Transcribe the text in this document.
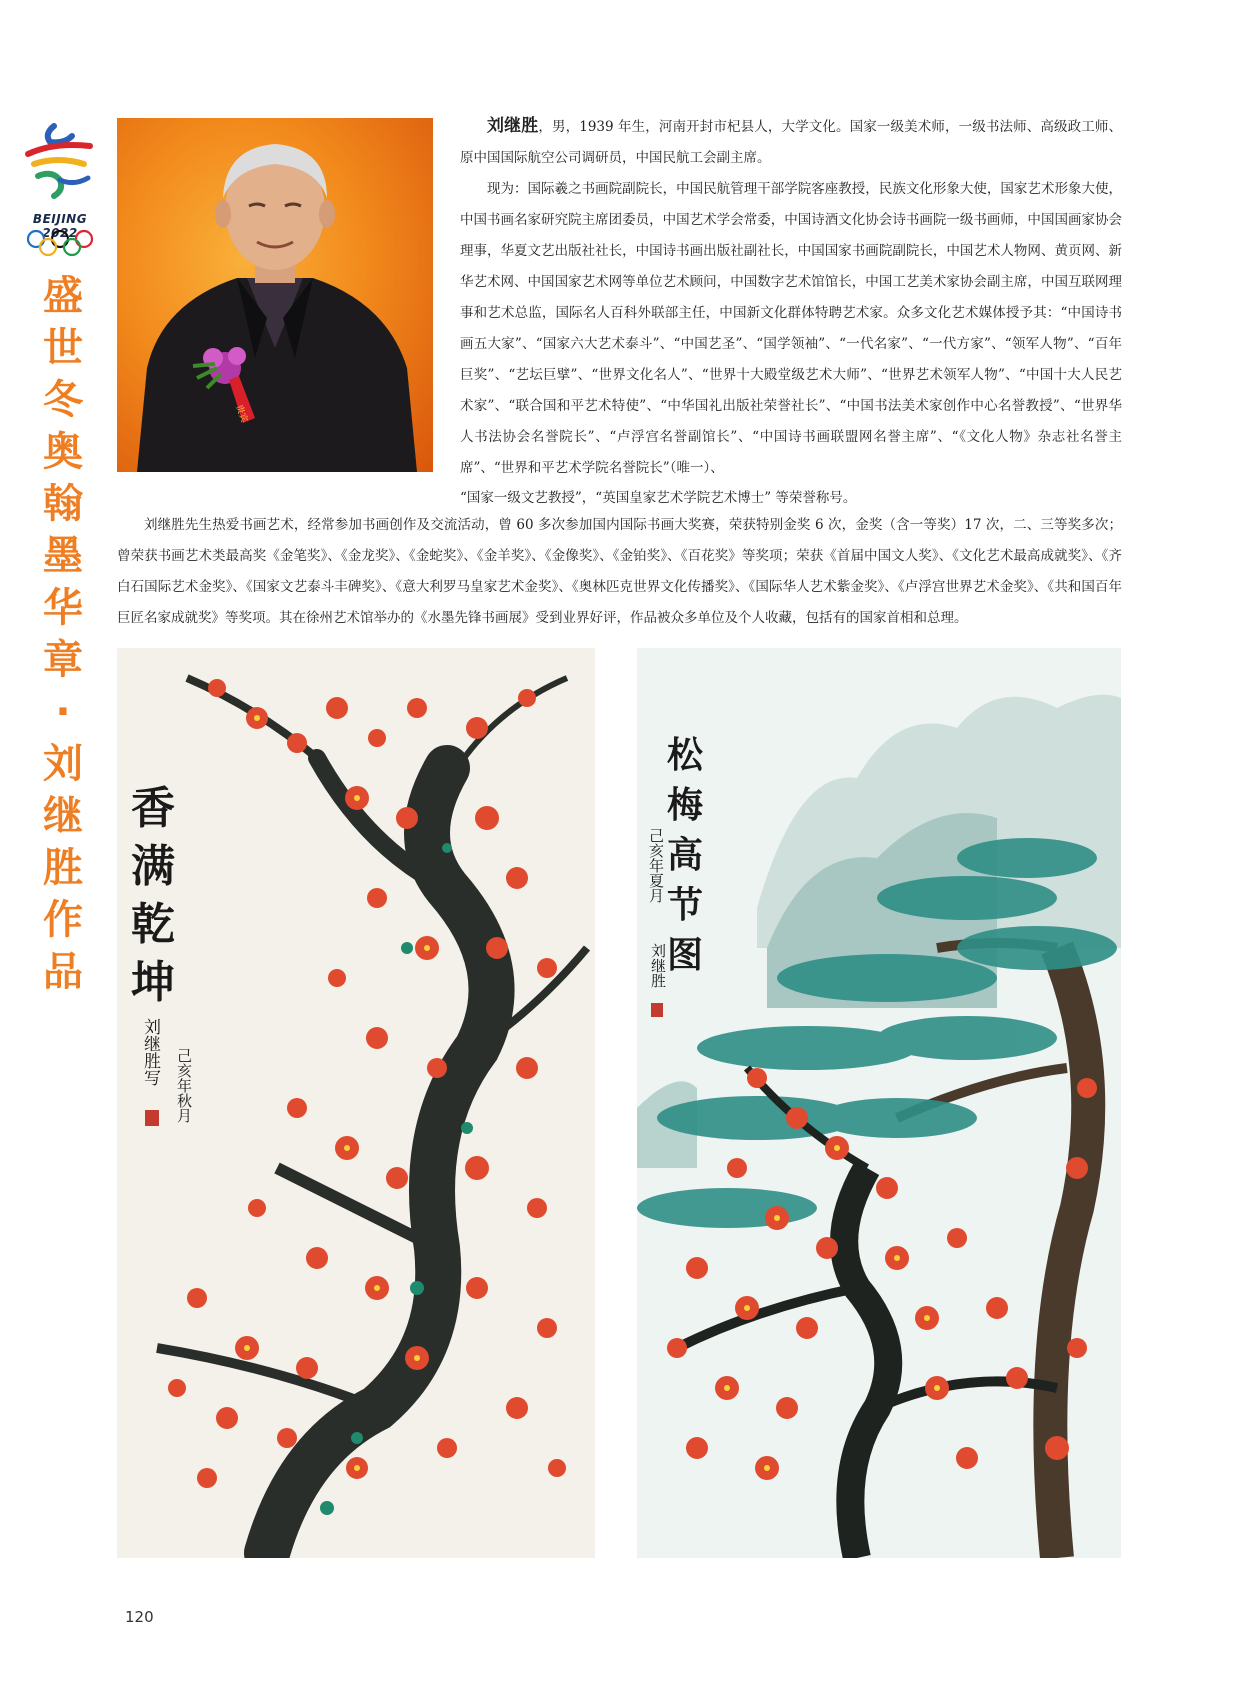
BEIJING 2022
盛
世
冬
奥
翰
墨
华
章
·
刘
继
胜
作
品
贵宾

刘继胜，男，1939 年生，河南开封市杞县人，大学文化。国家一级美术师，一级书法师、高级政工师、原中国国际航空公司调研员，中国民航工会副主席。

现为：国际羲之书画院副院长，中国民航管理干部学院客座教授，民族文化形象大使，国家艺术形象大使，中国书画名家研究院主席团委员，中国艺术学会常委，中国诗酒文化协会诗书画院一级书画师，中国国画家协会理事，华夏文艺出版社社长，中国诗书画出版社副社长，中国国家书画院副院长，中国艺术人物网、黄页网、新华艺术网、中国国家艺术网等单位艺术顾问，中国数字艺术馆馆长，中国工艺美术家协会副主席，中国互联网理事和艺术总监，国际名人百科外联部主任，中国新文化群体特聘艺术家。众多文化艺术媒体授予其：“中国诗书画五大家”、“国家六大艺术泰斗”、“中国艺圣”、“国学领袖”、“一代名家”、“一代方家”、“领军人物”、“百年巨奖”、“艺坛巨擘”、“世界文化名人”、“世界十大殿堂级艺术大师”、“世界艺术领军人物”、“中国十大人民艺术家”、“联合国和平艺术特使”、“中华国礼出版社荣誉社长”、“中国书法美术家创作中心名誉教授”、“世界华人书法协会名誉院长”、“卢浮宫名誉副馆长”、“中国诗书画联盟网名誉主席”、“《文化人物》杂志社名誉主席”、“世界和平艺术学院名誉院长”（唯一）、

“国家一级文艺教授”，“英国皇家艺术学院艺术博士” 等荣誉称号。

刘继胜先生热爱书画艺术，经常参加书画创作及交流活动，曾 60 多次参加国内国际书画大奖赛，荣获特别金奖 6 次，金奖（含一等奖）17 次，二、三等奖多次；曾荣获书画艺术类最高奖《金笔奖》、《金龙奖》、《金蛇奖》、《金羊奖》、《金像奖》、《金铂奖》、《百花奖》等奖项；荣获《首届中国文人奖》、《文化艺术最高成就奖》、《齐白石国际艺术金奖》、《国家文艺泰斗丰碑奖》、《意大利罗马皇家艺术金奖》、《奥林匹克世界文化传播奖》、《国际华人艺术紫金奖》、《卢浮宫世界艺术金奖》、《共和国百年巨匠名家成就奖》等奖项。其在徐州艺术馆举办的《水墨先锋书画展》受到业界好评，作品被众多单位及个人收藏，包括有的国家首相和总理。

香
满
乾
坤
己亥年秋月
刘继胜写
松
梅
高
节
图
己亥年夏月
刘继胜
120
